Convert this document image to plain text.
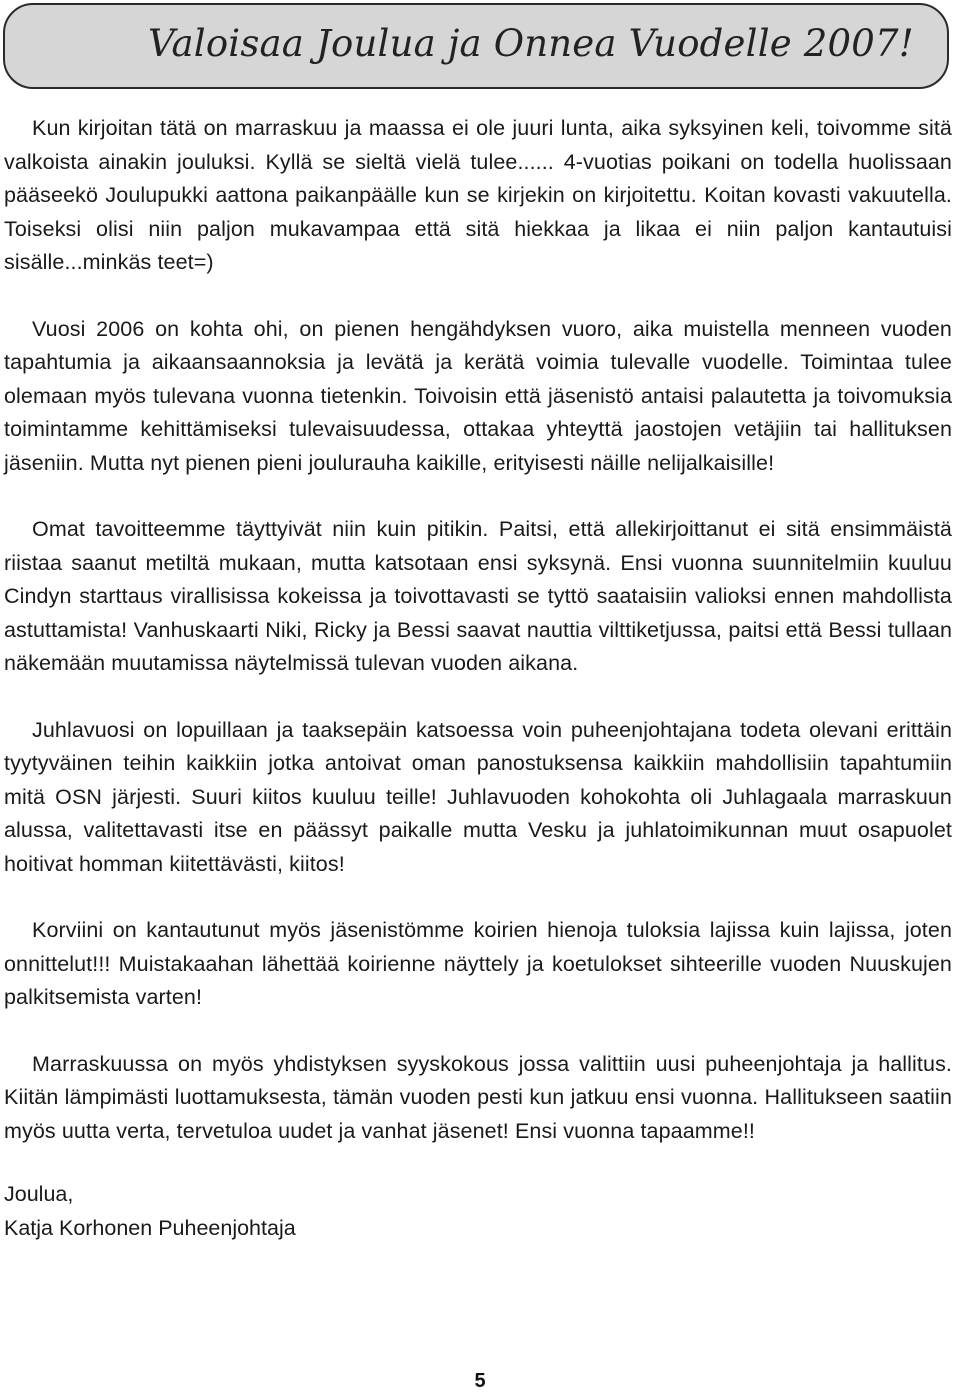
Valoisaa Joulua ja Onnea Vuodelle 2007!

Kun kirjoitan tätä on marraskuu ja maassa ei ole juuri lunta, aika syksyinen keli, toivomme sitä valkoista ainakin jouluksi. Kyllä se sieltä vielä tulee...... 4-vuotias poikani on todella huolissaan pääseekö Joulupukki aattona paikanpäälle kun se kirjekin on kirjoitettu. Koitan kovasti vakuutella. Toiseksi olisi niin paljon mukavampaa että sitä hiekkaa ja likaa ei niin paljon kantautuisi sisälle...minkäs teet=)

Vuosi 2006 on kohta ohi, on pienen hengähdyksen vuoro, aika muistella menneen vuoden tapahtumia ja aikaansaannoksia ja levätä ja kerätä voimia tulevalle vuodelle. Toimintaa tulee olemaan myös tulevana vuonna tietenkin. Toivoisin että jäsenistö antaisi palautetta ja toivomuksia toimintamme kehittämiseksi tulevaisuudessa, ottakaa yhteyttä jaostojen vetäjiin tai hallituksen jäseniin. Mutta nyt pienen pieni joulurauha kaikille, erityisesti näille nelijalkaisille!

Omat tavoitteemme täyttyivät niin kuin pitikin. Paitsi, että allekirjoittanut ei sitä ensimmäistä riistaa saanut metiltä mukaan, mutta katsotaan ensi syksynä. Ensi vuonna suunnitelmiin kuuluu Cindyn starttaus virallisissa kokeissa ja toivottavasti se tyttö saataisiin valioksi ennen mahdollista astuttamista! Vanhuskaarti Niki, Ricky ja Bessi saavat nauttia vilttiketjussa, paitsi että Bessi tullaan näkemään muutamissa näytelmissä tulevan vuoden aikana.

Juhlavuosi on lopuillaan ja taaksepäin katsoessa voin puheenjohtajana todeta olevani erittäin tyytyväinen teihin kaikkiin jotka antoivat oman panostuksensa kaikkiin mahdollisiin tapahtumiin mitä OSN järjesti. Suuri kiitos kuuluu teille! Juhlavuoden kohokohta oli Juhlagaala marraskuun alussa, valitettavasti itse en päässyt paikalle mutta Vesku ja juhlatoimikunnan muut osapuolet hoitivat homman kiitettävästi, kiitos!

Korviini on kantautunut myös jäsenistömme koirien hienoja tuloksia lajissa kuin lajissa, joten onnittelut!!! Muistakaahan lähettää koirienne näyttely ja koetulokset sihteerille vuoden Nuuskujen palkitsemista varten!

Marraskuussa on myös yhdistyksen syyskokous jossa valittiin uusi puheenjohtaja ja hallitus. Kiitän lämpimästi luottamuksesta, tämän vuoden pesti kun jatkuu ensi vuonna. Hallitukseen saatiin myös uutta verta, tervetuloa uudet ja vanhat jäsenet! Ensi vuonna tapaamme!!

Joulua,

Katja Korhonen Puheenjohtaja

5
